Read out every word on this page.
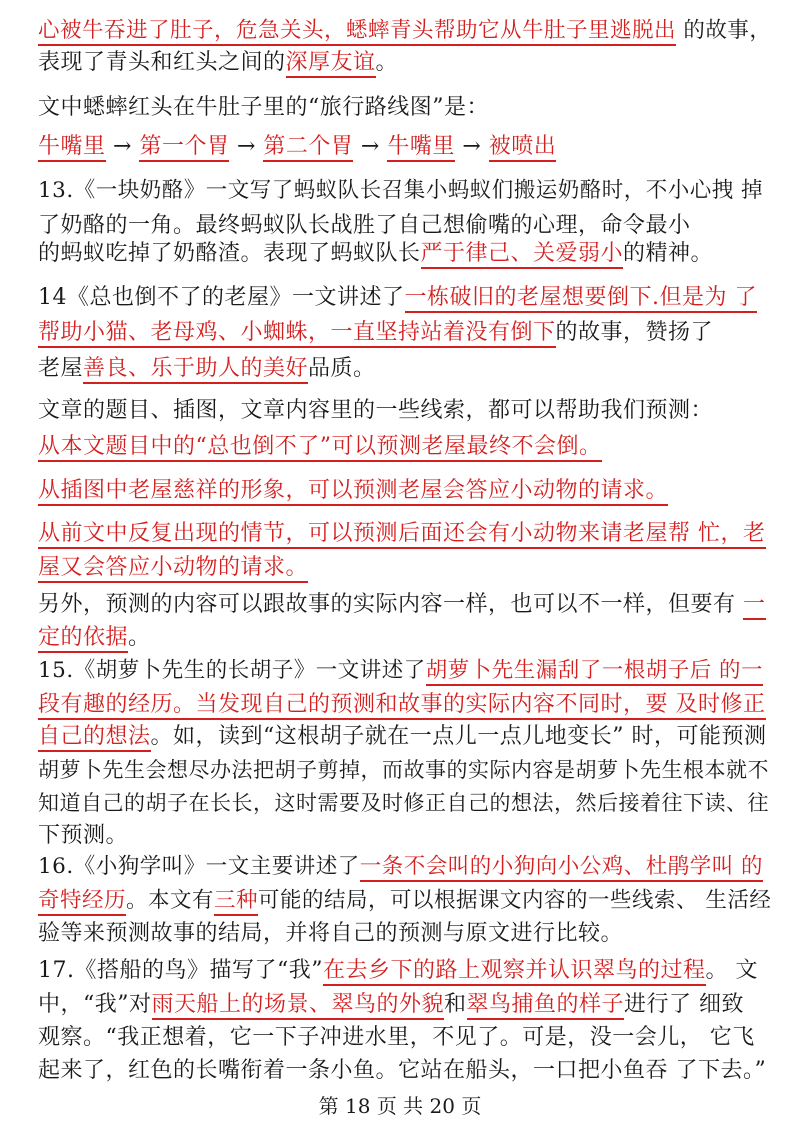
心被牛吞进了肚子，危急关头，蟋蟀青头帮助它从牛肚子里逃脱出 的故事，
表现了青头和红头之间的深厚友谊。
文中蟋蟀红头在牛肚子里的“旅行路线图”是：
牛嘴里 → 第一个胃 → 第二个胃 → 牛嘴里 → 被喷出
13.《一块奶酪》一文写了蚂蚁队长召集小蚂蚁们搬运奶酪时，不小心拽 掉
了奶酪的一角。最终蚂蚁队长战胜了自己想偷嘴的心理，命令最小
的蚂蚁吃掉了奶酪渣。表现了蚂蚁队长严于律己、关爱弱小的精神。
14《总也倒不了的老屋》一文讲述了一栋破旧的老屋想要倒下.但是为 了
帮助小猫、老母鸡、小蜘蛛，一直坚持站着没有倒下的故事，赞扬了
老屋善良、乐于助人的美好品质。
文章的题目、插图，文章内容里的一些线索，都可以帮助我们预测：
从本文题目中的“总也倒不了”可以预测老屋最终不会倒。
从插图中老屋慈祥的形象，可以预测老屋会答应小动物的请求。
从前文中反复出现的情节，可以预测后面还会有小动物来请老屋帮 忙，老
屋又会答应小动物的请求。
另外，预测的内容可以跟故事的实际内容一样，也可以不一样，但要有 一
定的依据。
15.《胡萝卜先生的长胡子》一文讲述了胡萝卜先生漏刮了一根胡子后 的一
段有趣的经历。当发现自己的预测和故事的实际内容不同时，要 及时修正
自己的想法。如，读到“这根胡子就在一点儿一点儿地变长” 时，可能预测
胡萝卜先生会想尽办法把胡子剪掉，而故事的实际内容是胡萝卜先生根本就不
知道自己的胡子在长长，这时需要及时修正自己的想法，然后接着往下读、往
下预测。
16.《小狗学叫》一文主要讲述了一条不会叫的小狗向小公鸡、杜鹃学叫 的
奇特经历。本文有三种可能的结局，可以根据课文内容的一些线索、 生活经
验等来预测故事的结局，并将自己的预测与原文进行比较。
17.《搭船的鸟》描写了“我”在去乡下的路上观察并认识翠鸟的过程。 文
中，“我”对雨天船上的场景、翠鸟的外貌和翠鸟捕鱼的样子进行了 细致
观察。“我正想着，它一下子冲进水里，不见了。可是，没一会儿， 它飞
起来了，红色的长嘴衔着一条小鱼。它站在船头，一口把小鱼吞 了下去。”
第 18 页 共 20 页
